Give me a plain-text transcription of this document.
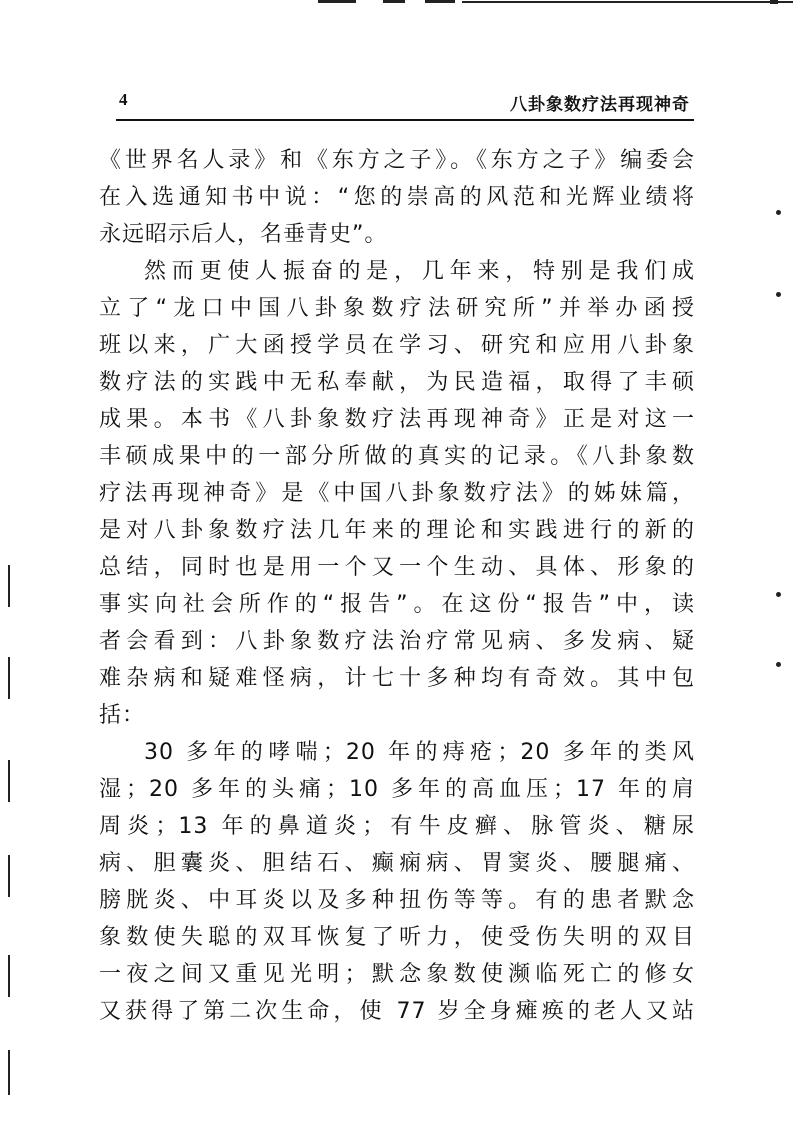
4	八卦象数疗法再现神奇
《世界名人录》和《东方之子》。《东方之子》编委会
在入选通知书中说：“您的崇高的风范和光辉业绩将
永远昭示后人，名垂青史”。
然而更使人振奋的是，几年来，特别是我们成
立了“龙口中国八卦象数疗法研究所”并举办函授
班以来，广大函授学员在学习、研究和应用八卦象
数疗法的实践中无私奉献，为民造福，取得了丰硕
成果。本书《八卦象数疗法再现神奇》正是对这一
丰硕成果中的一部分所做的真实的记录。《八卦象数
疗法再现神奇》是《中国八卦象数疗法》的姊妹篇，
是对八卦象数疗法几年来的理论和实践进行的新的
总结，同时也是用一个又一个生动、具体、形象的
事实向社会所作的“报告”。在这份“报告”中，读
者会看到：八卦象数疗法治疗常见病、多发病、疑
难杂病和疑难怪病，计七十多种均有奇效。其中包
括：
30 多年的哮喘；20 年的痔疮；20 多年的类风
湿；20 多年的头痛；10 多年的高血压；17 年的肩
周炎；13 年的鼻道炎；有牛皮癣、脉管炎、糖尿
病、胆囊炎、胆结石、癫痫病、胃窦炎、腰腿痛、
膀胱炎、中耳炎以及多种扭伤等等。有的患者默念
象数使失聪的双耳恢复了听力，使受伤失明的双目
一夜之间又重见光明；默念象数使濒临死亡的修女
又获得了第二次生命，使 77 岁全身瘫痪的老人又站
